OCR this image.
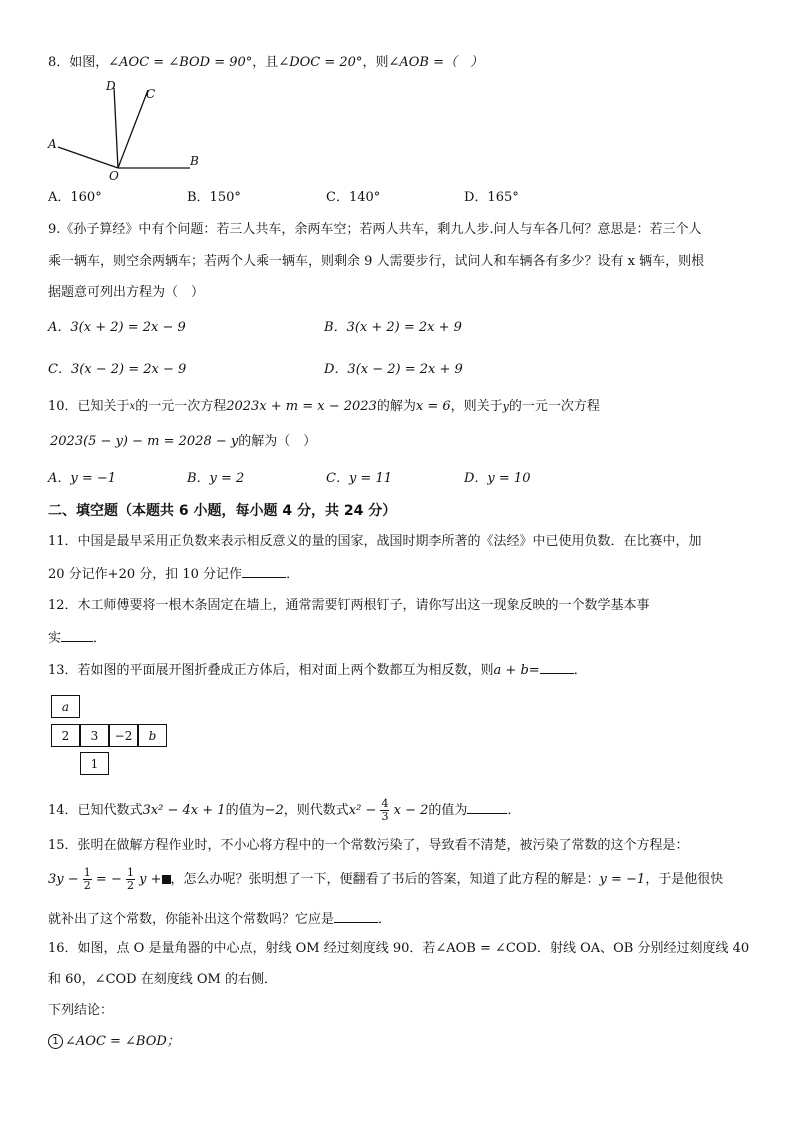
8．如图，∠AOC = ∠BOD = 90°，且∠DOC = 20°，则∠AOB =（　）
D
C
A
B
O
A．160°	B．150°	C．140°	D．165°
9.《孙子算经》中有个问题：若三人共车，余两车空；若两人共车，剩九人步.问人与车各几何？意思是：若三个人
乘一辆车，则空余两辆车；若两个人乘一辆车，则剩余 9 人需要步行，试问人和车辆各有多少？设有 x 辆车，则根
据题意可列出方程为（　）
A．3(x + 2) = 2x − 9	B．3(x + 2) = 2x + 9
C．3(x − 2) = 2x − 9	D．3(x − 2) = 2x + 9
10．已知关于$^x$的一元一次方程2023x + m = x − 2023的解为x = 6，则关于$^y$的一元一次方程
2023(5 − y) − m = 2028 − y的解为（　）
A．y = −1	B．y = 2	C．y = 11	D．y = 10
二、填空题（本题共 6 小题，每小题 4 分，共 24 分）
11．中国是最早采用正负数来表示相反意义的量的国家，战国时期李所著的《法经》中已使用负数．在比赛中，加
20 分记作+20 分，扣 10 分记作	．
12．木工师傅要将一根木条固定在墙上，通常需要钉两根钉子，请你写出这一现象反映的一个数学基本事
实 ．
13．若如图的平面展开图折叠成正方体后，相对面上两个数都互为相反数，则a + b=	．
a
2	3	−2	b
1
14．已知代数式3x² − 4x + 1的值为−2，则代数式$x^2 - \frac{4}{3}$ x − 2的值为	．
15．张明在做解方程作业时，不小心将方程中的一个常数污染了，导致看不清楚，被污染了常数的这个方程是：
$3y - \frac{1}{2}$ = − $\frac{1}{2}$ y + ，怎么办呢？张明想了一下，便翻看了书后的答案，知道了此方程的解是：y = −1，于是他很快
就补出了这个常数，你能补出这个常数吗？它应是	．
16．如图，点 O 是量角器的中心点，射线 OM 经过刻度线 90．若∠AOB = ∠COD．射线 OA、OB 分别经过刻度线 40
和 60，∠COD 在刻度线 OM 的右侧．
下列结论：
1 ∠AOC = ∠BOD；
